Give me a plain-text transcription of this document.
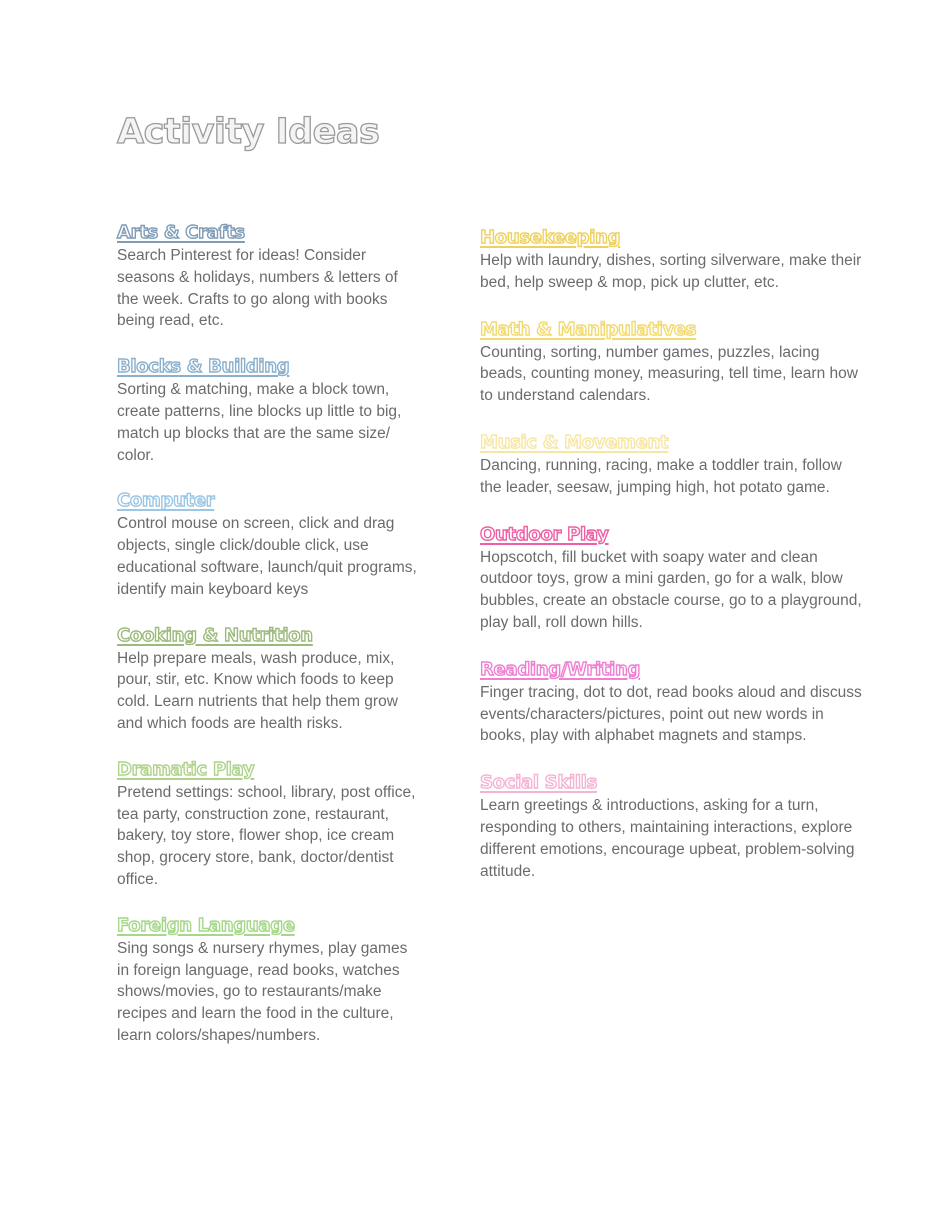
Activity Ideas
Arts & Crafts

Search Pinterest for ideas! Consider seasons & holidays, numbers & letters of the week. Crafts to go along with books being read, etc.

Blocks & Building

Sorting & matching, make a block town, create patterns, line blocks up little to big, match up blocks that are the same size/ color.

Computer

Control mouse on screen, click and drag objects, single click/double click, use educational software, launch/quit programs, identify main keyboard keys

Cooking & Nutrition

Help prepare meals, wash produce, mix, pour, stir, etc. Know which foods to keep cold. Learn nutrients that help them grow and which foods are health risks.

Dramatic Play

Pretend settings: school, library, post office, tea party, construction zone, restaurant, bakery, toy store, flower shop, ice cream shop, grocery store, bank, doctor/dentist office.

Foreign Language

Sing songs & nursery rhymes, play games in foreign language, read books, watches shows/movies, go to restaurants/make recipes and learn the food in the culture, learn colors/shapes/numbers.

Housekeeping

Help with laundry, dishes, sorting silverware, make their bed, help sweep & mop, pick up clutter, etc.

Math & Manipulatives

Counting, sorting, number games, puzzles, lacing beads, counting money, measuring, tell time, learn how to understand calendars.

Music & Movement

Dancing, running, racing, make a toddler train, follow the leader, seesaw, jumping high, hot potato game.

Outdoor Play

Hopscotch, fill bucket with soapy water and clean outdoor toys, grow a mini garden, go for a walk, blow bubbles, create an obstacle course, go to a playground, play ball, roll down hills.

Reading/Writing

Finger tracing, dot to dot, read books aloud and discuss events/characters/pictures, point out new words in books, play with alphabet magnets and stamps.

Social Skills

Learn greetings & introductions, asking for a turn, responding to others, maintaining interactions, explore different emotions, encourage upbeat, problem-solving attitude.
